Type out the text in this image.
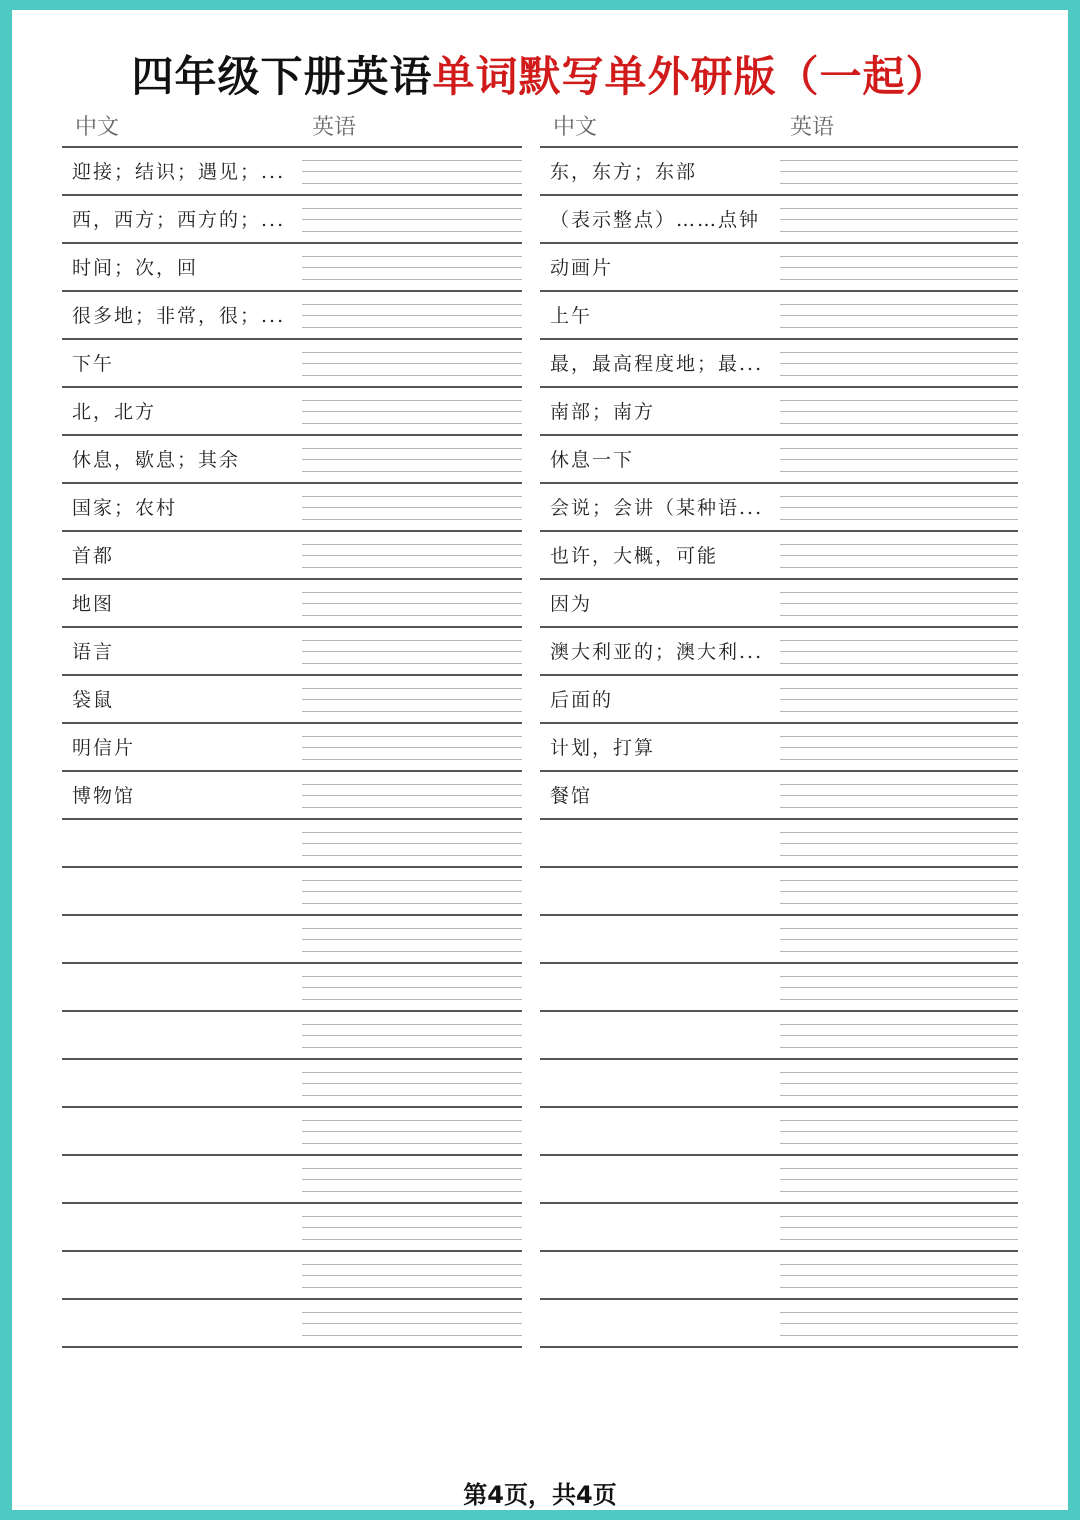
四年级下册英语单词默写单外研版（一起）
中文	英语
迎接；结识；遇见；...
西，西方；西方的；...
时间；次，回
很多地；非常，很；...
下午
北，北方
休息，歇息；其余
国家；农村
首都
地图
语言
袋鼠
明信片
博物馆
中文	英语
东，东方；东部
（表示整点）……点钟
动画片
上午
最，最高程度地；最...
南部；南方
休息一下
会说；会讲（某种语...
也许，大概，可能
因为
澳大利亚的；澳大利...
后面的
计划，打算
餐馆
第4页，共4页
